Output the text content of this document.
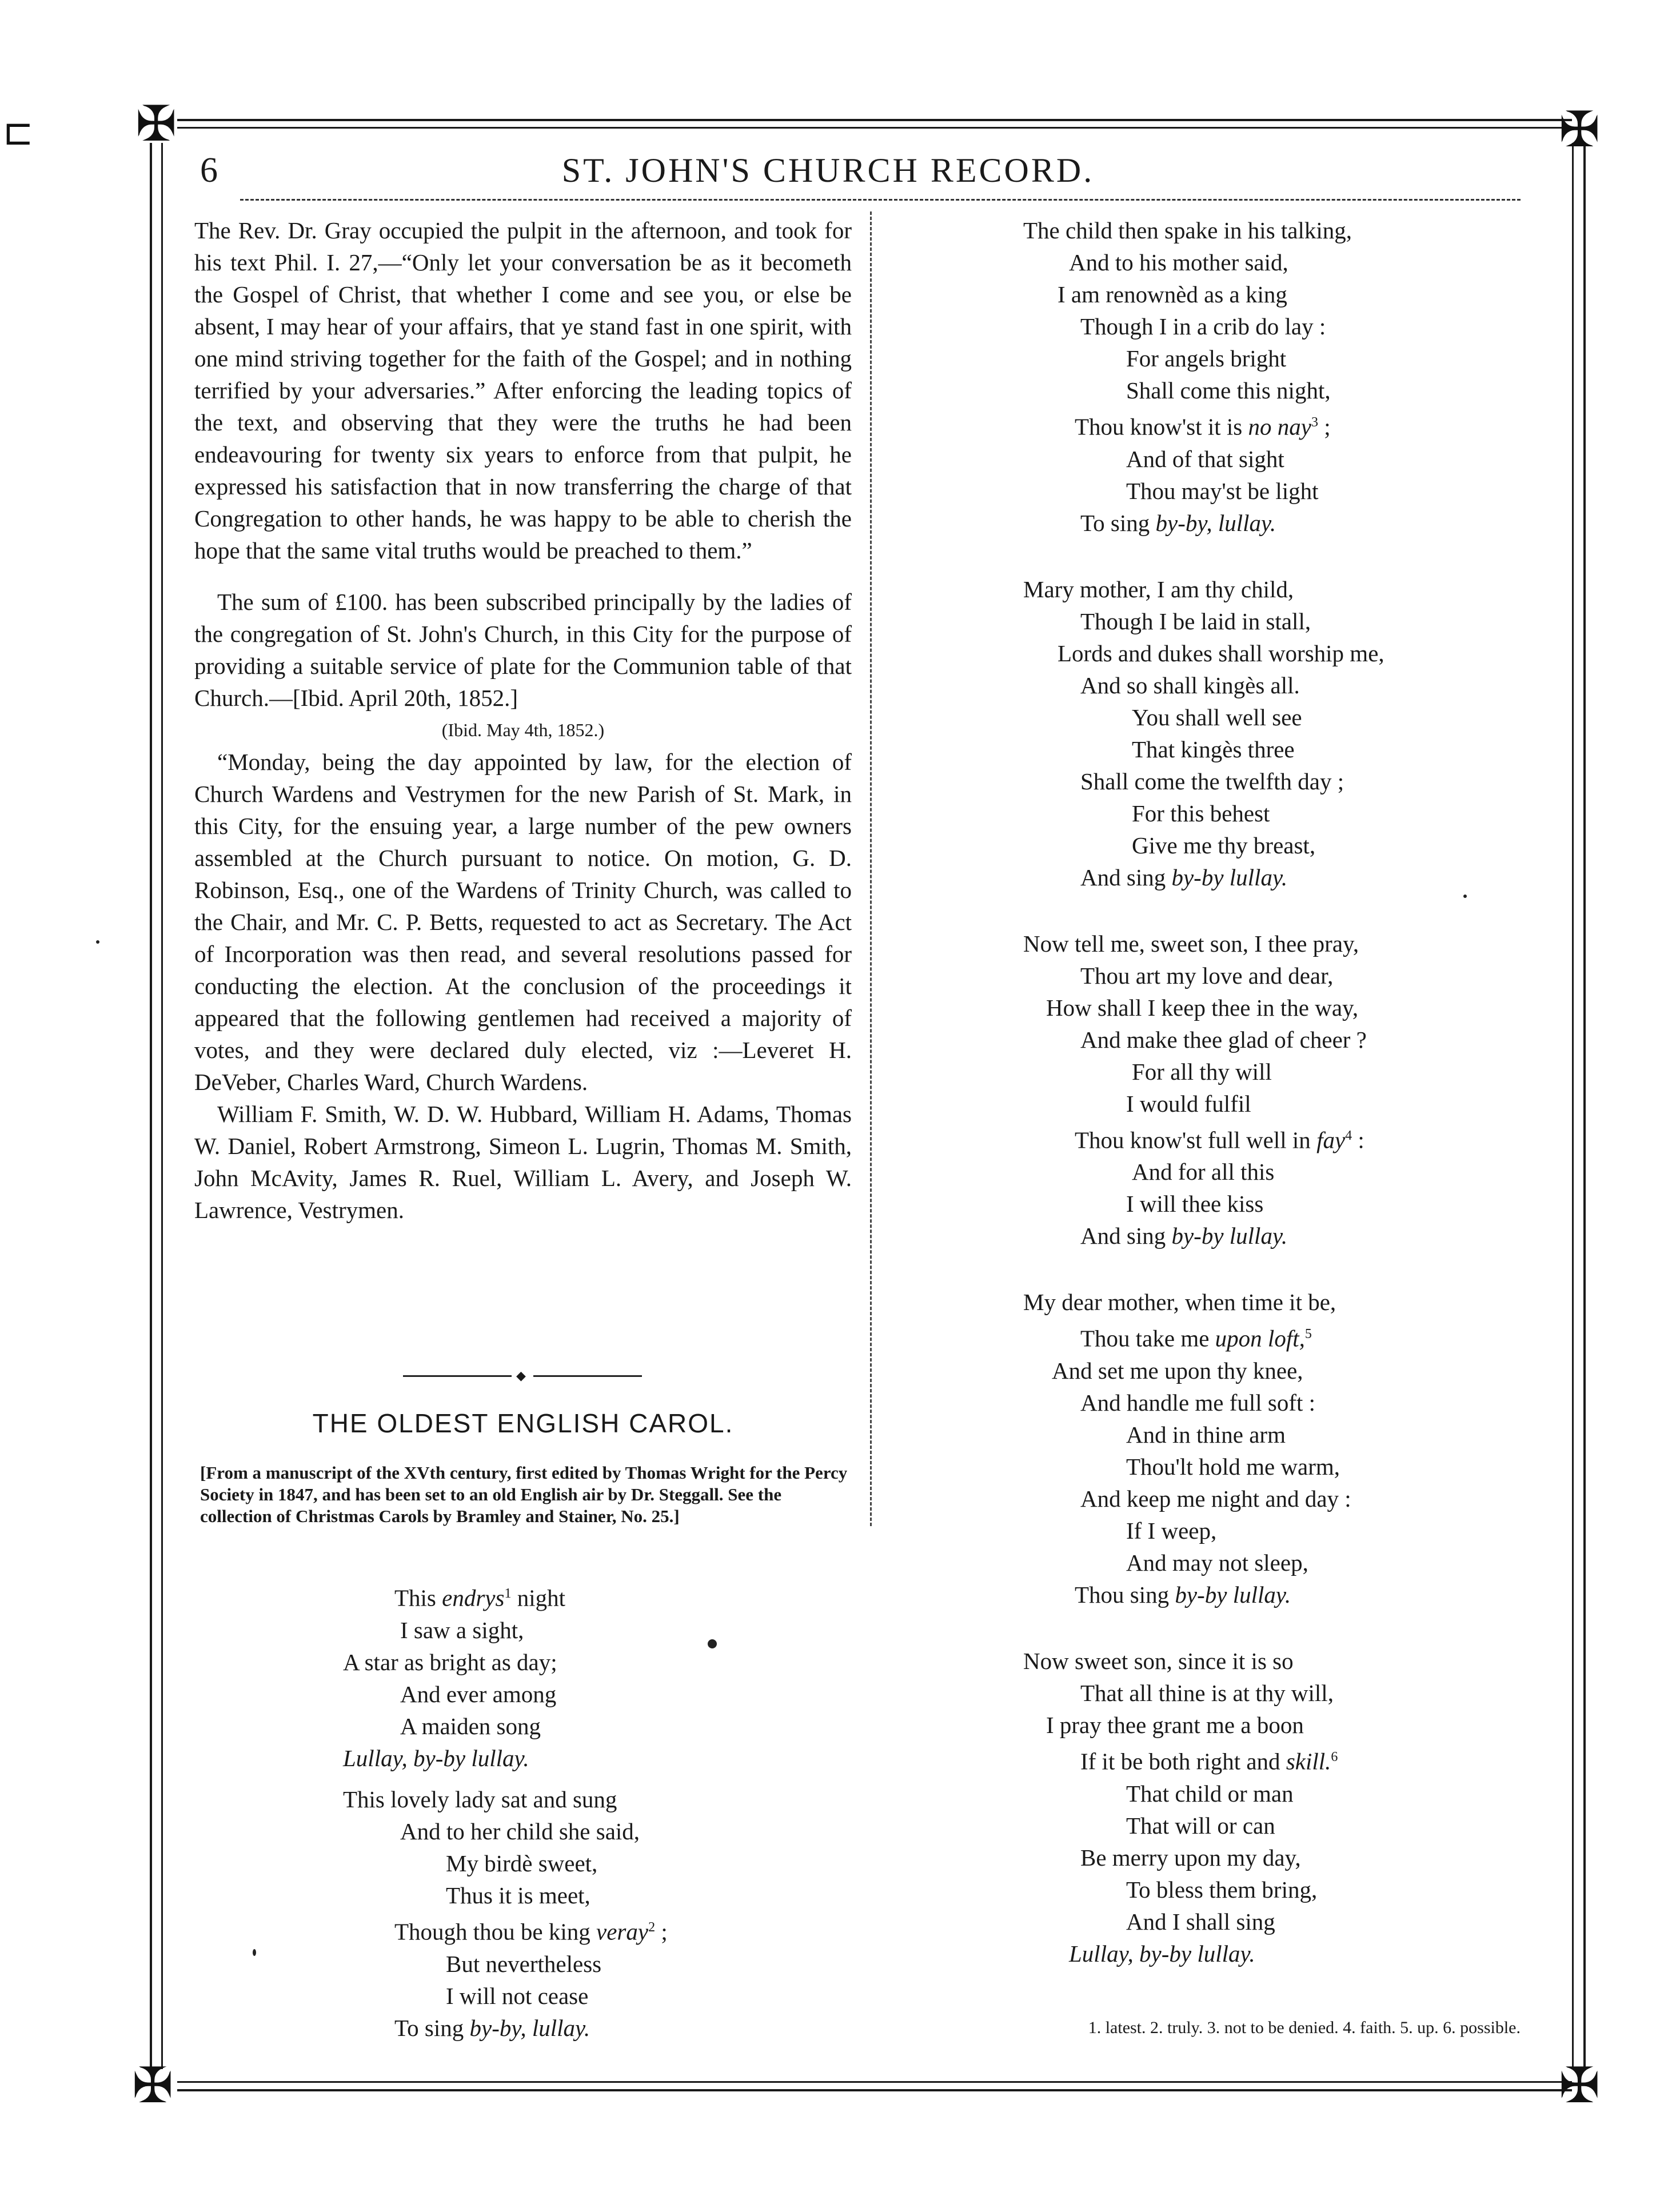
✠	✠
✠	✠
⊏
6	ST. JOHN'S CHURCH RECORD.

The Rev. Dr. Gray occupied the pulpit in the afternoon, and took for his text Phil. I. 27,—“Only let your conversation be as it becometh the Gospel of Christ, that whether I come and see you, or else be absent, I may hear of your affairs, that ye stand fast in one spirit, with one mind striving together for the faith of the Gospel; and in nothing terrified by your adversaries.” After enforcing the leading topics of the text, and observing that they were the truths he had been endeavouring for twenty six years to enforce from that pulpit, he expressed his satisfaction that in now transferring the charge of that Congregation to other hands, he was happy to be able to cherish the hope that the same vital truths would be preached to them.”

The sum of £100. has been subscribed principally by the ladies of the congregation of St. John's Church, in this City for the purpose of providing a suitable service of plate for the Communion table of that Church.—[Ibid. April 20th, 1852.]

(Ibid. May 4th, 1852.)

“Monday, being the day appointed by law, for the election of Church Wardens and Vestrymen for the new Parish of St. Mark, in this City, for the ensuing year, a large number of the pew owners assembled at the Church pursuant to notice. On motion, G. D. Robinson, Esq., one of the Wardens of Trinity Church, was called to the Chair, and Mr. C. P. Betts, requested to act as Secretary. The Act of Incorporation was then read, and several resolutions passed for conducting the election. At the conclusion of the proceedings it appeared that the following gentlemen had received a majority of votes, and they were declared duly elected, viz :—Leveret H. DeVeber, Charles Ward, Church Wardens.

William F. Smith, W. D. W. Hubbard, William H. Adams, Thomas W. Daniel, Robert Armstrong, Simeon L. Lugrin, Thomas M. Smith, John McAvity, James R. Ruel, William L. Avery, and Joseph W. Lawrence, Vestrymen.

◆
THE OLDEST ENGLISH CAROL.
[From a manuscript of the XVth century, first edited by Thomas Wright for the Percy Society in 1847, and has been set to an old English air by Dr. Steggall. See the collection of Christmas Carols by Bramley and Stainer, No. 25.]
This endrys$^1$ night
I saw a sight,
A star as bright as day;
And ever among
A maiden song
Lullay, by-by lullay.
This lovely lady sat and sung
And to her child she said,
My birdè sweet,
Thus it is meet,
Though thou be king veray$^2$ ;
But nevertheless
I will not cease
To sing by-by, lullay.
The child then spake in his talking,
And to his mother said,
I am renownèd as a king
Though I in a crib do lay :
For angels bright
Shall come this night,
Thou know'st it is no nay$^3$ ;
And of that sight
Thou may'st be light
To sing by-by, lullay.
Mary mother, I am thy child,
Though I be laid in stall,
Lords and dukes shall worship me,
And so shall kingès all.
You shall well see
That kingès three
Shall come the twelfth day ;
For this behest
Give me thy breast,
And sing by-by lullay.
Now tell me, sweet son, I thee pray,
Thou art my love and dear,
How shall I keep thee in the way,
And make thee glad of cheer ?
For all thy will
I would fulfil
Thou know'st full well in fay$^4$ :
And for all this
I will thee kiss
And sing by-by lullay.
My dear mother, when time it be,
Thou take me upon loft,$^5$
And set me upon thy knee,
And handle me full soft :
And in thine arm
Thou'lt hold me warm,
And keep me night and day :
If I weep,
And may not sleep,
Thou sing by-by lullay.
Now sweet son, since it is so
That all thine is at thy will,
I pray thee grant me a boon
If it be both right and skill.$^6$
That child or man
That will or can
Be merry upon my day,
To bless them bring,
And I shall sing
Lullay, by-by lullay.
1. latest. 2. truly. 3. not to be denied. 4. faith. 5. up. 6. possible.
